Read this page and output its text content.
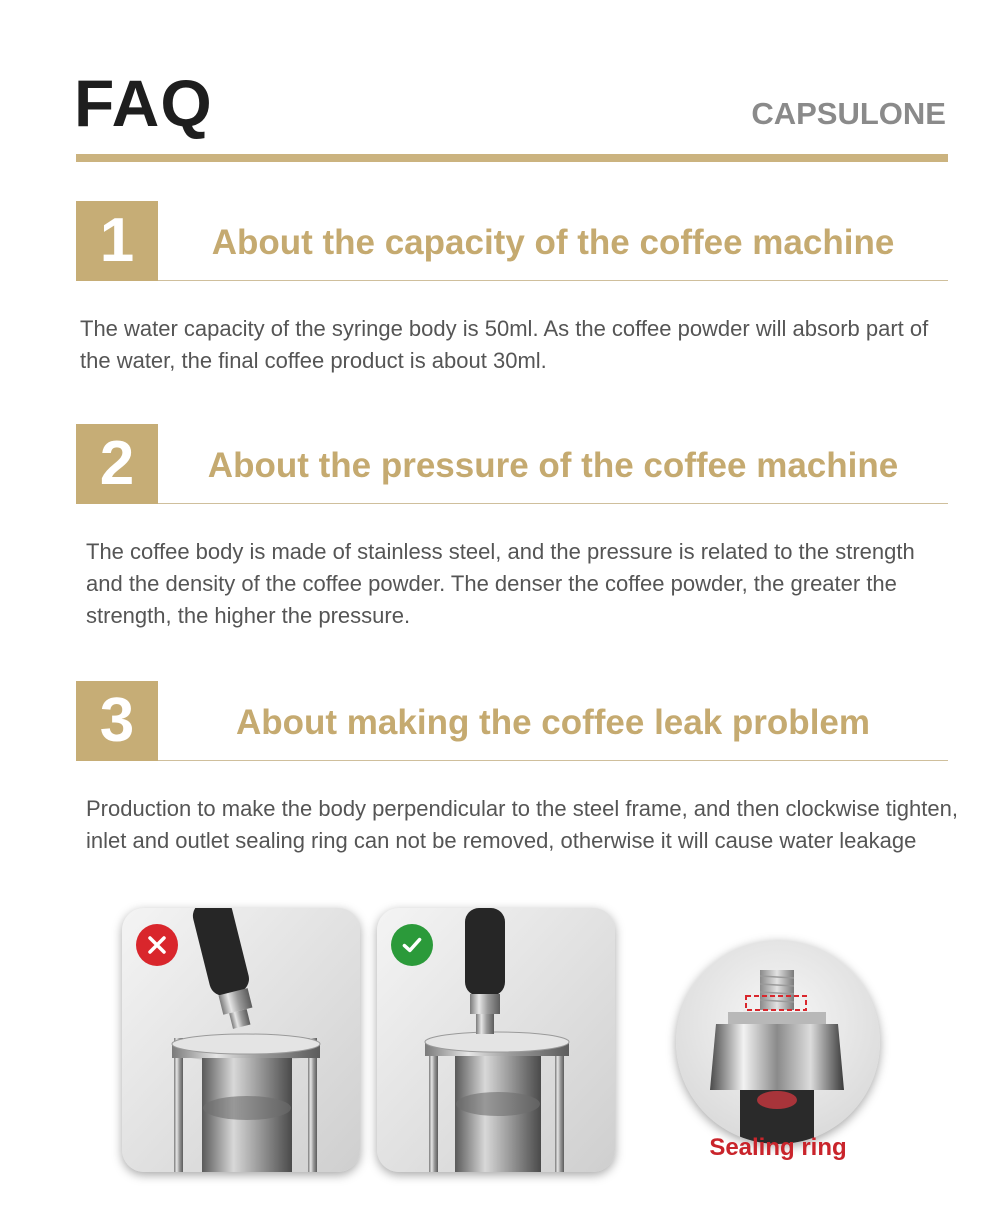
FAQ	CAPSULONE
1	About the capacity of the coffee machine
The water capacity of the syringe body is 50ml. As the coffee powder will absorb part of the water, the final coffee product is about 30ml.
2	About the pressure of the coffee machine
The coffee body is made of stainless steel, and the pressure is related to the strength and the density of the coffee powder. The denser the coffee powder, the greater the strength, the higher the pressure.
3	About making the coffee leak problem
Production to make the body perpendicular to the steel frame, and then clockwise tighten, inlet and outlet sealing ring can not be removed, otherwise it will cause water leakage
Sealing ring
